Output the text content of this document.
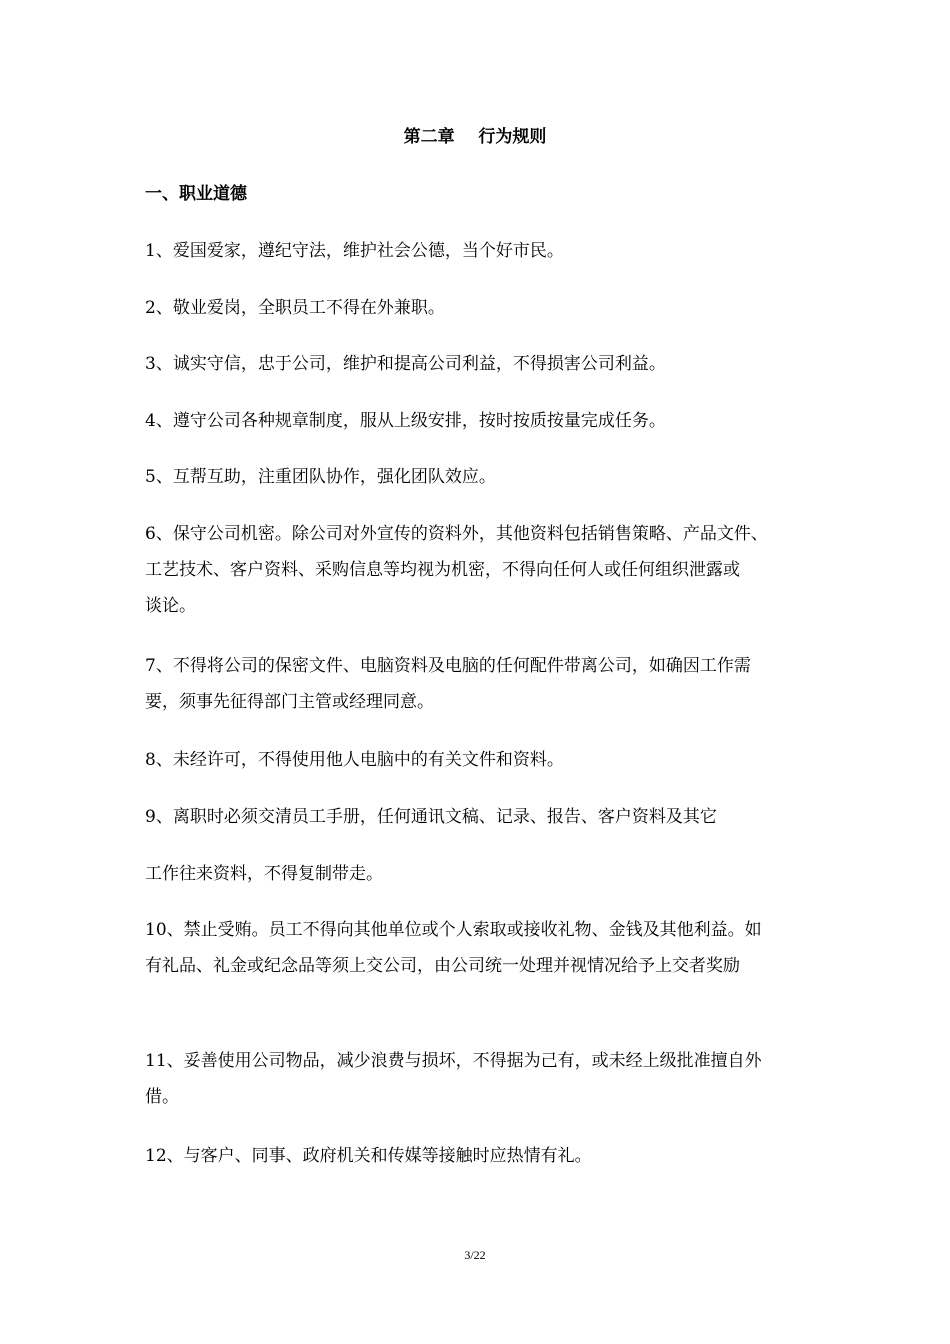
第二章    行为规则
一、职业道德

1、爱国爱家，遵纪守法，维护社会公德，当个好市民。

2、敬业爱岗，全职员工不得在外兼职。

3、诚实守信，忠于公司，维护和提高公司利益，不得损害公司利益。

4、遵守公司各种规章制度，服从上级安排，按时按质按量完成任务。

5、互帮互助，注重团队协作，强化团队效应。

6、保守公司机密。除公司对外宣传的资料外，其他资料包括销售策略、产品文件、
工艺技术、客户资料、采购信息等均视为机密，不得向任何人或任何组织泄露或
谈论。

7、不得将公司的保密文件、电脑资料及电脑的任何配件带离公司，如确因工作需
要，须事先征得部门主管或经理同意。

8、未经许可，不得使用他人电脑中的有关文件和资料。

9、离职时必须交清员工手册，任何通讯文稿、记录、报告、客户资料及其它

工作往来资料，不得复制带走。

10、禁止受贿。员工不得向其他单位或个人索取或接收礼物、金钱及其他利益。如
有礼品、礼金或纪念品等须上交公司，由公司统一处理并视情况给予上交者奖励

11、妥善使用公司物品，减少浪费与损坏，不得据为己有，或未经上级批准擅自外
借。

12、与客户、同事、政府机关和传媒等接触时应热情有礼。

3/22
